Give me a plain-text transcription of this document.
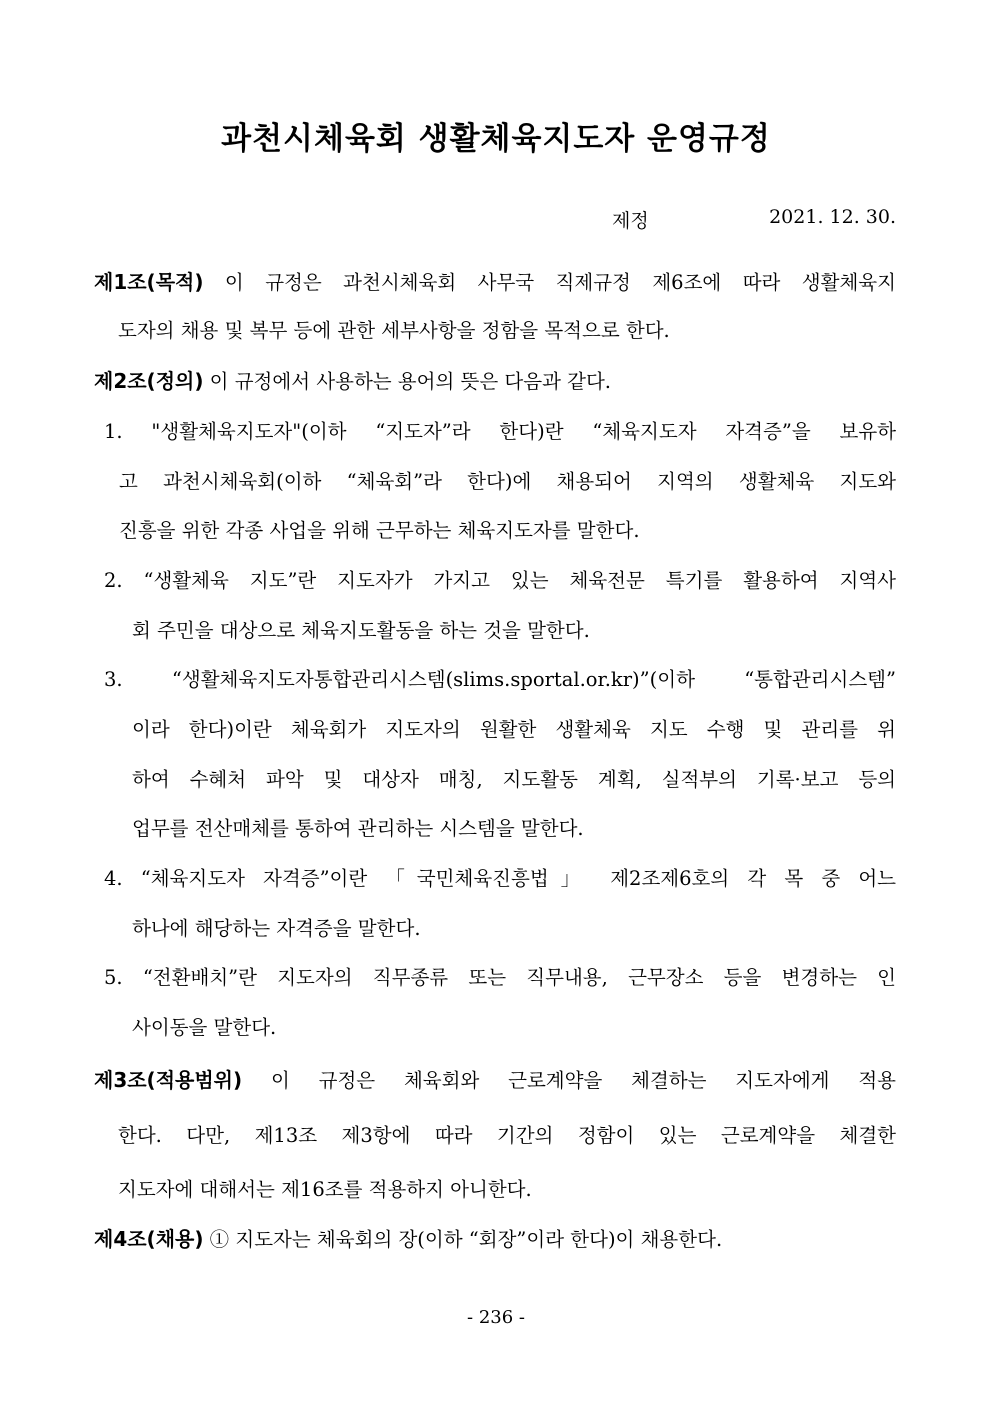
과천시체육회 생활체육지도자 운영규정
제정	2021. 12. 30.
제1조(목적) 이 규정은 과천시체육회 사무국 직제규정 제6조에 따라 생활체육지
도자의 채용 및 복무 등에 관한 세부사항을 정함을 목적으로 한다.
제2조(정의) 이 규정에서 사용하는 용어의 뜻은 다음과 같다.
1. "생활체육지도자"(이하 “지도자”라 한다)란 “체육지도자 자격증”을 보유하
고 과천시체육회(이하 “체육회”라 한다)에 채용되어 지역의 생활체육 지도와
진흥을 위한 각종 사업을 위해 근무하는 체육지도자를 말한다.
2. “생활체육 지도”란 지도자가 가지고 있는 체육전문 특기를 활용하여 지역사
회 주민을 대상으로 체육지도활동을 하는 것을 말한다.
3. “생활체육지도자통합관리시스템(slims.sportal.or.kr)”(이하 “통합관리시스템”
이라 한다)이란 체육회가 지도자의 원활한 생활체육 지도 수행 및 관리를 위
하여 수혜처 파악 및 대상자 매칭, 지도활동 계획, 실적부의 기록·보고 등의
업무를 전산매체를 통하여 관리하는 시스템을 말한다.
4. “체육지도자 자격증”이란 「국민체육진흥법」 제2조제6호의 각 목 중 어느
하나에 해당하는 자격증을 말한다.
5. “전환배치”란 지도자의 직무종류 또는 직무내용, 근무장소 등을 변경하는 인
사이동을 말한다.
제3조(적용범위) 이 규정은 체육회와 근로계약을 체결하는 지도자에게 적용
한다. 다만, 제13조 제3항에 따라 기간의 정함이 있는 근로계약을 체결한
지도자에 대해서는 제16조를 적용하지 아니한다.
제4조(채용) ① 지도자는 체육회의 장(이하 “회장”이라 한다)이 채용한다.
- 236 -
